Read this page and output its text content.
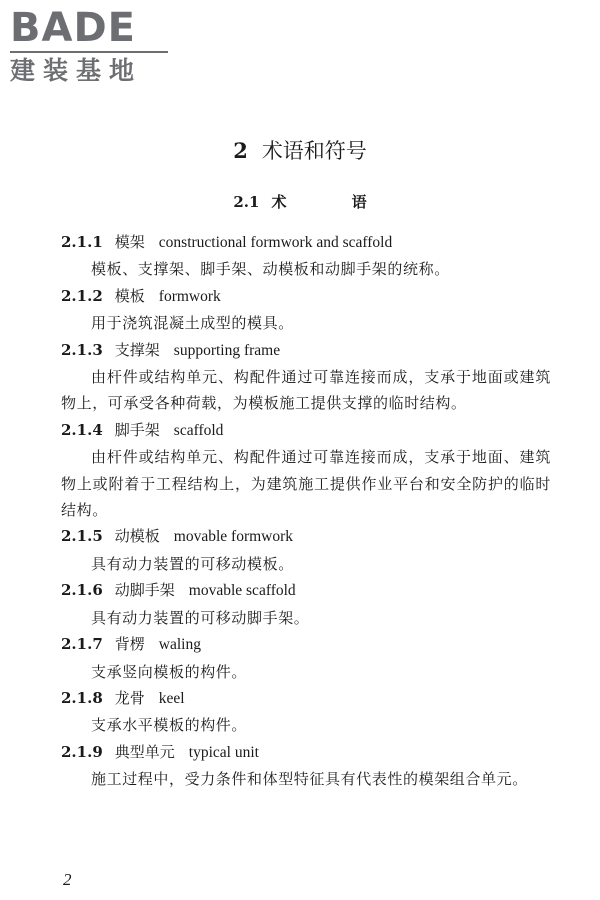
BADE
建装基地
2 术语和符号
2.1 术 语
2.1.1 模架 constructional formwork and scaffold
模板、支撑架、脚手架、动模板和动脚手架的统称。
2.1.2 模板 formwork
用于浇筑混凝土成型的模具。
2.1.3 支撑架 supporting frame
由杆件或结构单元、构配件通过可靠连接而成，支承于地面或建筑物上，可承受各种荷载，为模板施工提供支撑的临时结构。
2.1.4 脚手架 scaffold
由杆件或结构单元、构配件通过可靠连接而成，支承于地面、建筑物上或附着于工程结构上，为建筑施工提供作业平台和安全防护的临时结构。
2.1.5 动模板 movable formwork
具有动力装置的可移动模板。
2.1.6 动脚手架 movable scaffold
具有动力装置的可移动脚手架。
2.1.7 背楞 waling
支承竖向模板的构件。
2.1.8 龙骨 keel
支承水平模板的构件。
2.1.9 典型单元 typical unit
施工过程中，受力条件和体型特征具有代表性的模架组合单元。
2
